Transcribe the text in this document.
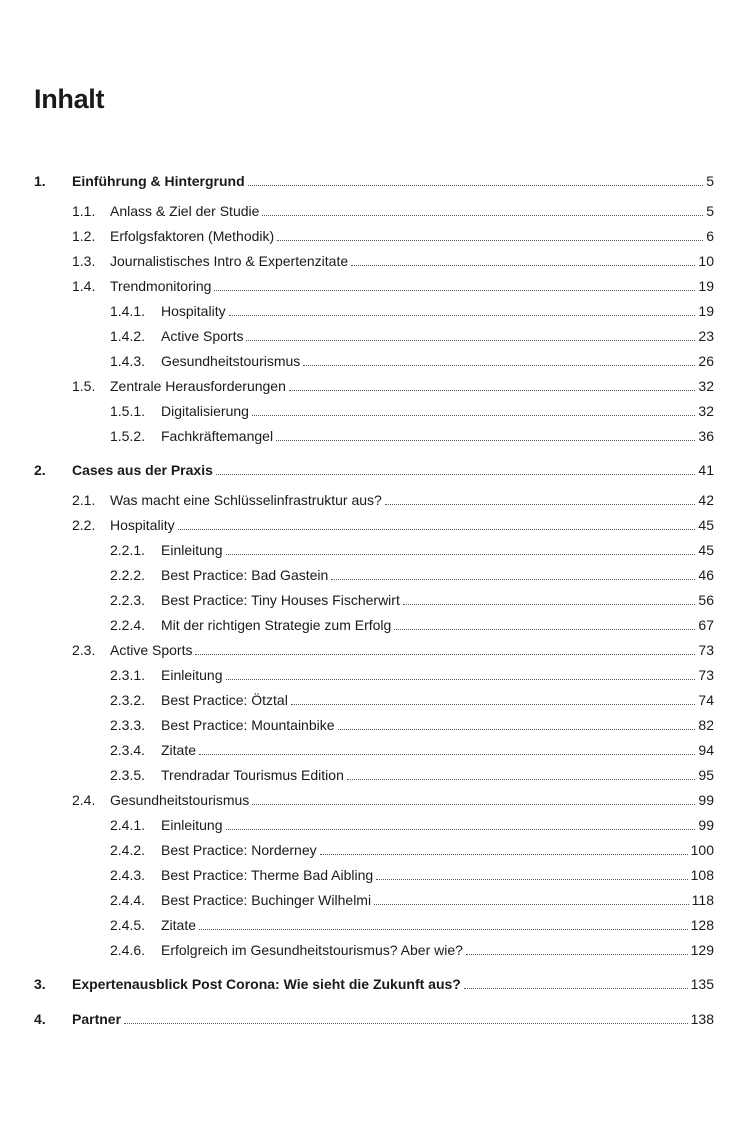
Inhalt
1.	Einführung & Hintergrund	5
1.1.	Anlass & Ziel der Studie	5
1.2.	Erfolgsfaktoren (Methodik)	6
1.3.	Journalistisches Intro & Expertenzitate	10
1.4.	Trendmonitoring	19
1.4.1.	Hospitality	19
1.4.2.	Active Sports	23
1.4.3.	Gesundheitstourismus	26
1.5.	Zentrale Herausforderungen	32
1.5.1.	Digitalisierung	32
1.5.2.	Fachkräftemangel	36
2.	Cases aus der Praxis	41
2.1.	Was macht eine Schlüsselinfrastruktur aus?	42
2.2.	Hospitality	45
2.2.1.	Einleitung	45
2.2.2.	Best Practice: Bad Gastein	46
2.2.3.	Best Practice: Tiny Houses Fischerwirt	56
2.2.4.	Mit der richtigen Strategie zum Erfolg	67
2.3.	Active Sports	73
2.3.1.	Einleitung	73
2.3.2.	Best Practice: Ötztal	74
2.3.3.	Best Practice: Mountainbike	82
2.3.4.	Zitate	94
2.3.5.	Trendradar Tourismus Edition	95
2.4.	Gesundheitstourismus	99
2.4.1.	Einleitung	99
2.4.2.	Best Practice: Norderney	100
2.4.3.	Best Practice: Therme Bad Aibling	108
2.4.4.	Best Practice: Buchinger Wilhelmi	118
2.4.5.	Zitate	128
2.4.6.	Erfolgreich im Gesundheitstourismus? Aber wie?	129
3.	Expertenausblick Post Corona: Wie sieht die Zukunft aus?	135
4.	Partner	138
